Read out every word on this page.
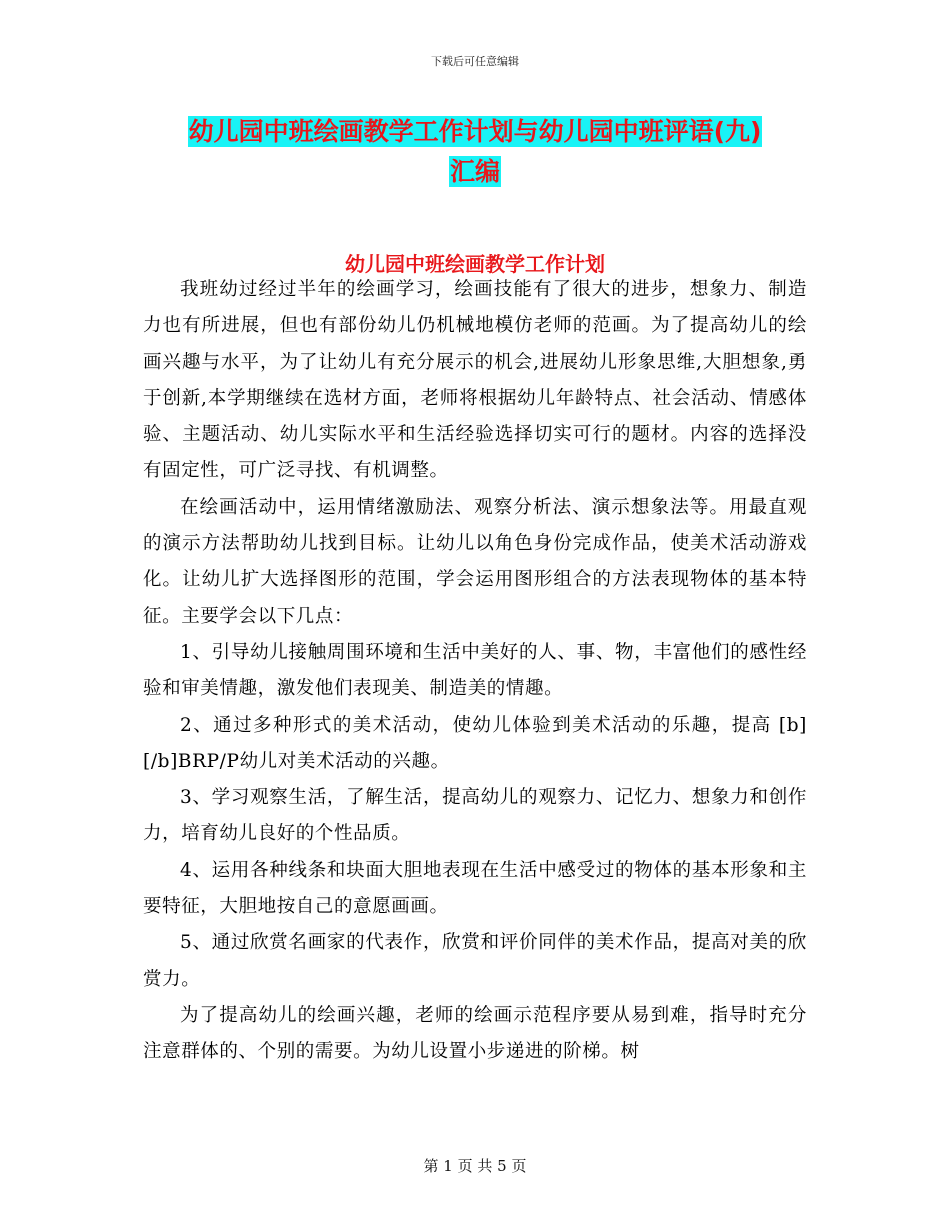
下载后可任意编辑
幼儿园中班绘画教学工作计划与幼儿园中班评语(九)
汇编
幼儿园中班绘画教学工作计划

我班幼过经过半年的绘画学习，绘画技能有了很大的进步，想象力、制造力也有所进展，但也有部份幼儿仍机械地模仿老师的范画。为了提高幼儿的绘画兴趣与水平，为了让幼儿有充分展示的机会,进展幼儿形象思维,大胆想象,勇于创新,本学期继续在选材方面，老师将根据幼儿年龄特点、社会活动、情感体验、主题活动、幼儿实际水平和生活经验选择切实可行的题材。内容的选择没有固定性，可广泛寻找、有机调整。

在绘画活动中，运用情绪激励法、观察分析法、演示想象法等。用最直观的演示方法帮助幼儿找到目标。让幼儿以角色身份完成作品，使美术活动游戏化。让幼儿扩大选择图形的范围，学会运用图形组合的方法表现物体的基本特征。主要学会以下几点：

1、引导幼儿接触周围环境和生活中美好的人、事、物，丰富他们的感性经验和审美情趣，激发他们表现美、制造美的情趣。

2、通过多种形式的美术活动，使幼儿体验到美术活动的乐趣，提高 [b][/b]BRP/P幼儿对美术活动的兴趣。

3、学习观察生活，了解生活，提高幼儿的观察力、记忆力、想象力和创作力，培育幼儿良好的个性品质。

4、运用各种线条和块面大胆地表现在生活中感受过的物体的基本形象和主要特征，大胆地按自己的意愿画画。

5、通过欣赏名画家的代表作，欣赏和评价同伴的美术作品，提高对美的欣赏力。

为了提高幼儿的绘画兴趣，老师的绘画示范程序要从易到难，指导时充分注意群体的、个别的需要。为幼儿设置小步递进的阶梯。树

第 1 页 共 5 页
